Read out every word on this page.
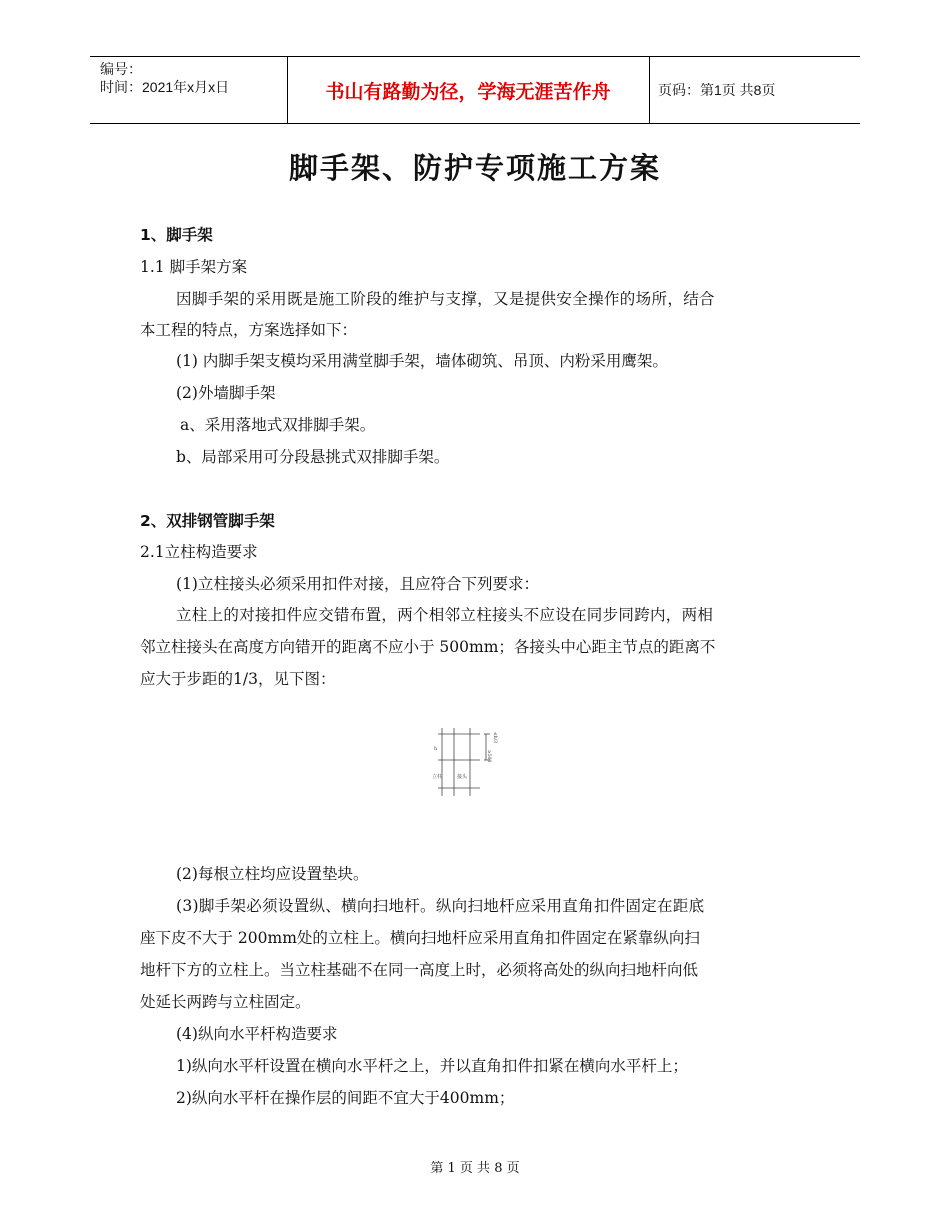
编号：
时间：2021年x月x日	书山有路勤为径，学海无涯苦作舟	页码：第1页 共8页
脚手架、防护专项施工方案
1、脚手架
1.1 脚手架方案
因脚手架的采用既是施工阶段的维护与支撑，又是提供安全操作的场所，结合
本工程的特点，方案选择如下：
(1) 内脚手架支模均采用满堂脚手架，墙体砌筑、吊顶、内粉采用鹰架。
(2)外墙脚手架
a、采用落地式双排脚手架。
b、局部采用可分段悬挑式双排脚手架。
2、双排钢管脚手架
2.1立柱构造要求
(1)立柱接头必须采用扣件对接，且应符合下列要求：
立柱上的对接扣件应交错布置，两个相邻立柱接头不应设在同步同跨内，两相
邻立柱接头在高度方向错开的距离不应小于 500mm；各接头中心距主节点的距离不
应大于步距的1/3，见下图：
h
立柱	接头
≥500
≤h/3
(2)每根立柱均应设置垫块。
(3)脚手架必须设置纵、横向扫地杆。纵向扫地杆应采用直角扣件固定在距底
座下皮不大于 200mm处的立柱上。横向扫地杆应采用直角扣件固定在紧靠纵向扫
地杆下方的立柱上。当立柱基础不在同一高度上时，必须将高处的纵向扫地杆向低
处延长两跨与立柱固定。
(4)纵向水平杆构造要求
1)纵向水平杆设置在横向水平杆之上，并以直角扣件扣紧在横向水平杆上；
2)纵向水平杆在操作层的间距不宜大于400mm；
第 1 页 共 8 页
